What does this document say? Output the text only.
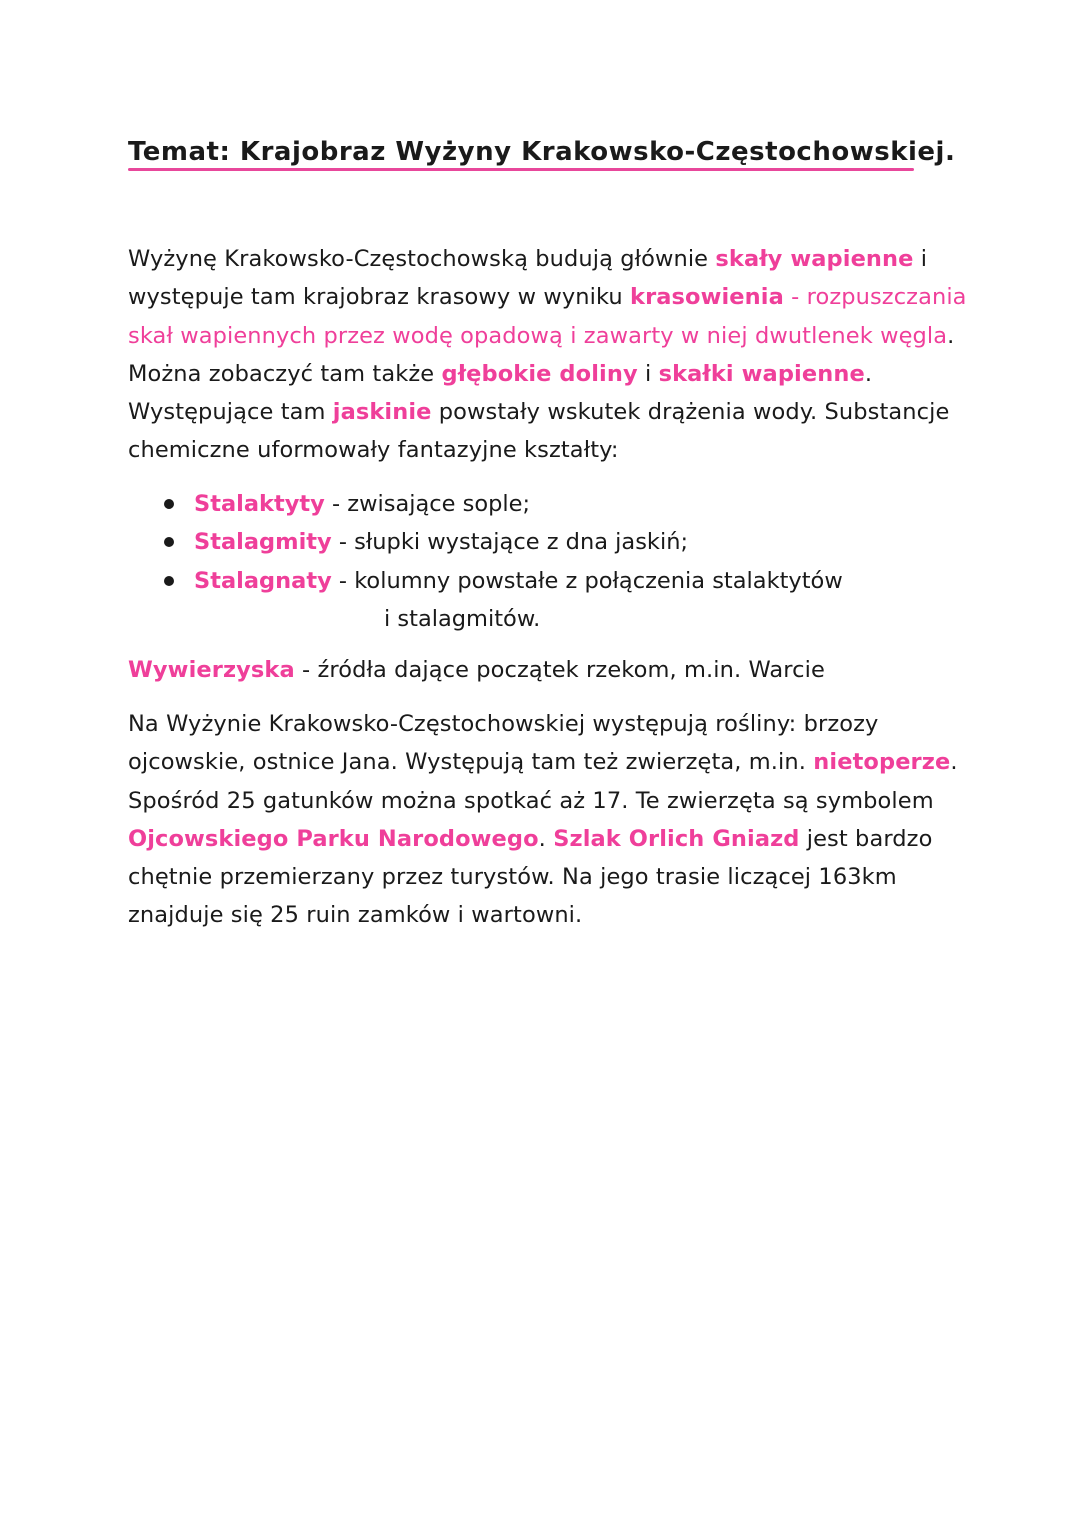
Temat: Krajobraz Wyżyny Krakowsko-Częstochowskiej.

Wyżynę Krakowsko-Częstochowską budują głównie skały wapienne i występuje tam krajobraz krasowy w wyniku krasowienia - rozpuszczania skał wapiennych przez wodę opadową i zawarty w niej dwutlenek węgla. Można zobaczyć tam także głębokie doliny i skałki wapienne. Występujące tam jaskinie powstały wskutek drążenia wody. Substancje chemiczne uformowały fantazyjne kształty:

Stalaktyty - zwisające sople;
Stalagmity - słupki wystające z dna jaskiń;
Stalagnaty - kolumny powstałe z połączenia stalaktytów
i stalagmitów.

Wywierzyska - źródła dające początek rzekom, m.in. Warcie

Na Wyżynie Krakowsko-Częstochowskiej występują rośliny: brzozy ojcowskie, ostnice Jana. Występują tam też zwierzęta, m.in. nietoperze. Spośród 25 gatunków można spotkać aż 17. Te zwierzęta są symbolem Ojcowskiego Parku Narodowego. Szlak Orlich Gniazd jest bardzo chętnie przemierzany przez turystów. Na jego trasie liczącej 163km znajduje się 25 ruin zamków i wartowni.
